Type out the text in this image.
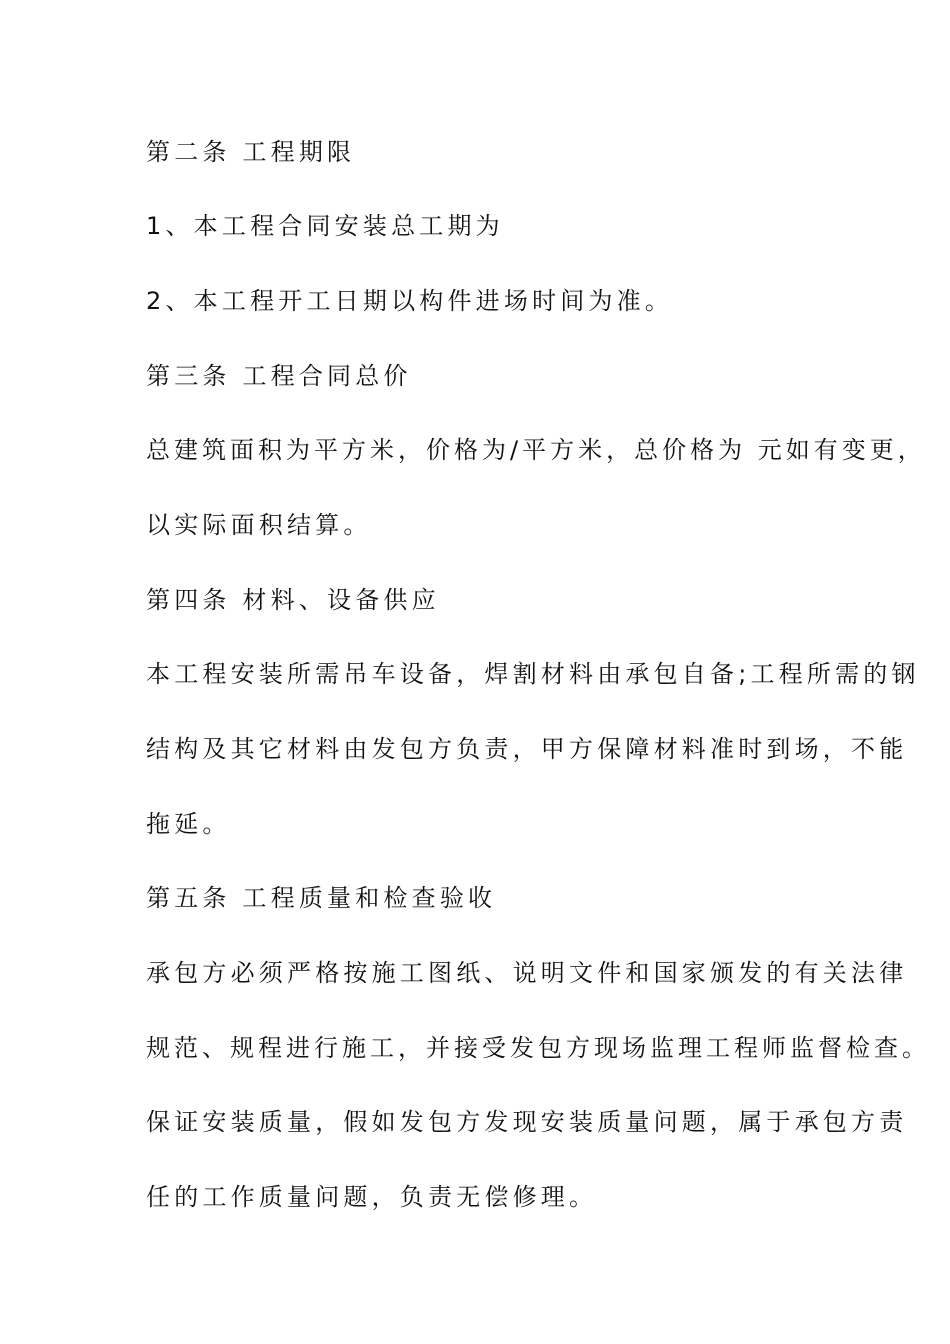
第二条 工程期限
1、本工程合同安装总工期为
2、本工程开工日期以构件进场时间为准。
第三条 工程合同总价
总建筑面积为平方米，价格为/平方米，总价格为 元如有变更，
以实际面积结算。
第四条 材料、设备供应
本工程安装所需吊车设备，焊割材料由承包自备;工程所需的钢
结构及其它材料由发包方负责，甲方保障材料准时到场，不能
拖延。
第五条 工程质量和检查验收
承包方必须严格按施工图纸、说明文件和国家颁发的有关法律
规范、规程进行施工，并接受发包方现场监理工程师监督检查。
保证安装质量，假如发包方发现安装质量问题，属于承包方责
任的工作质量问题，负责无偿修理。
